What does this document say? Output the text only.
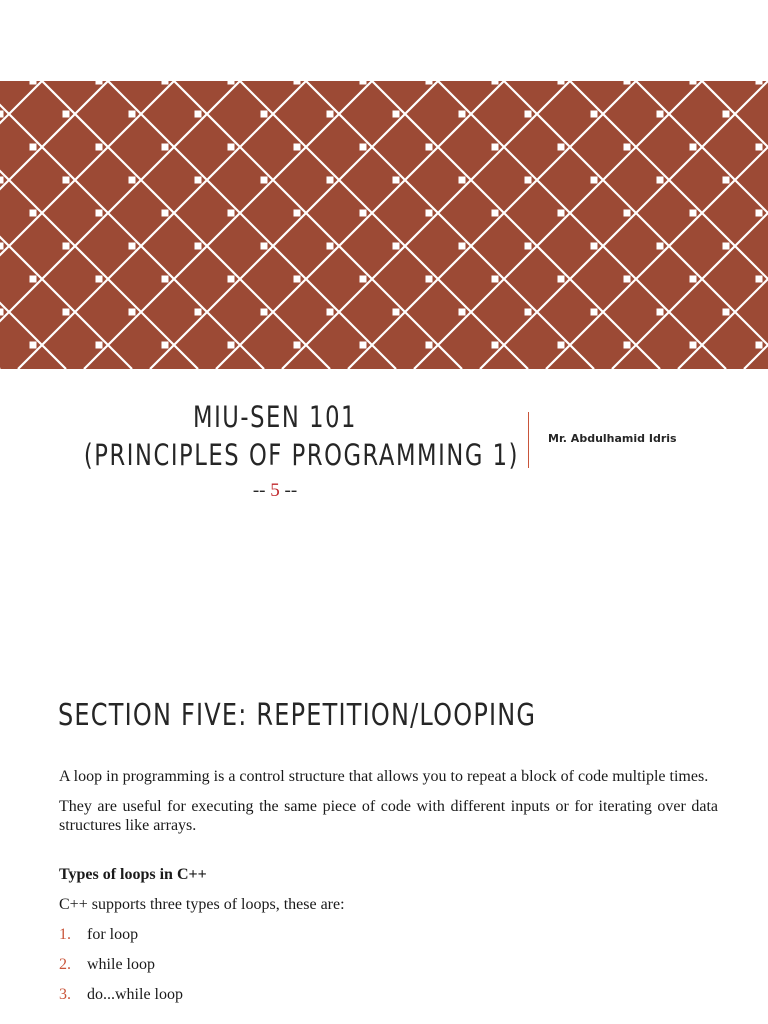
MIU-SEN 101
(PRINCIPLES OF PROGRAMMING 1)
-- 5 --
Mr. Abdulhamid Idris
SECTION FIVE: REPETITION/LOOPING

A loop in programming is a control structure that allows you to repeat a block of code multiple times.

They are useful for executing the same piece of code with different inputs or for iterating over data structures like arrays.

Types of loops in C++

C++ supports three types of loops, these are:

1.	for loop
2.	while loop
3.	do...while loop
